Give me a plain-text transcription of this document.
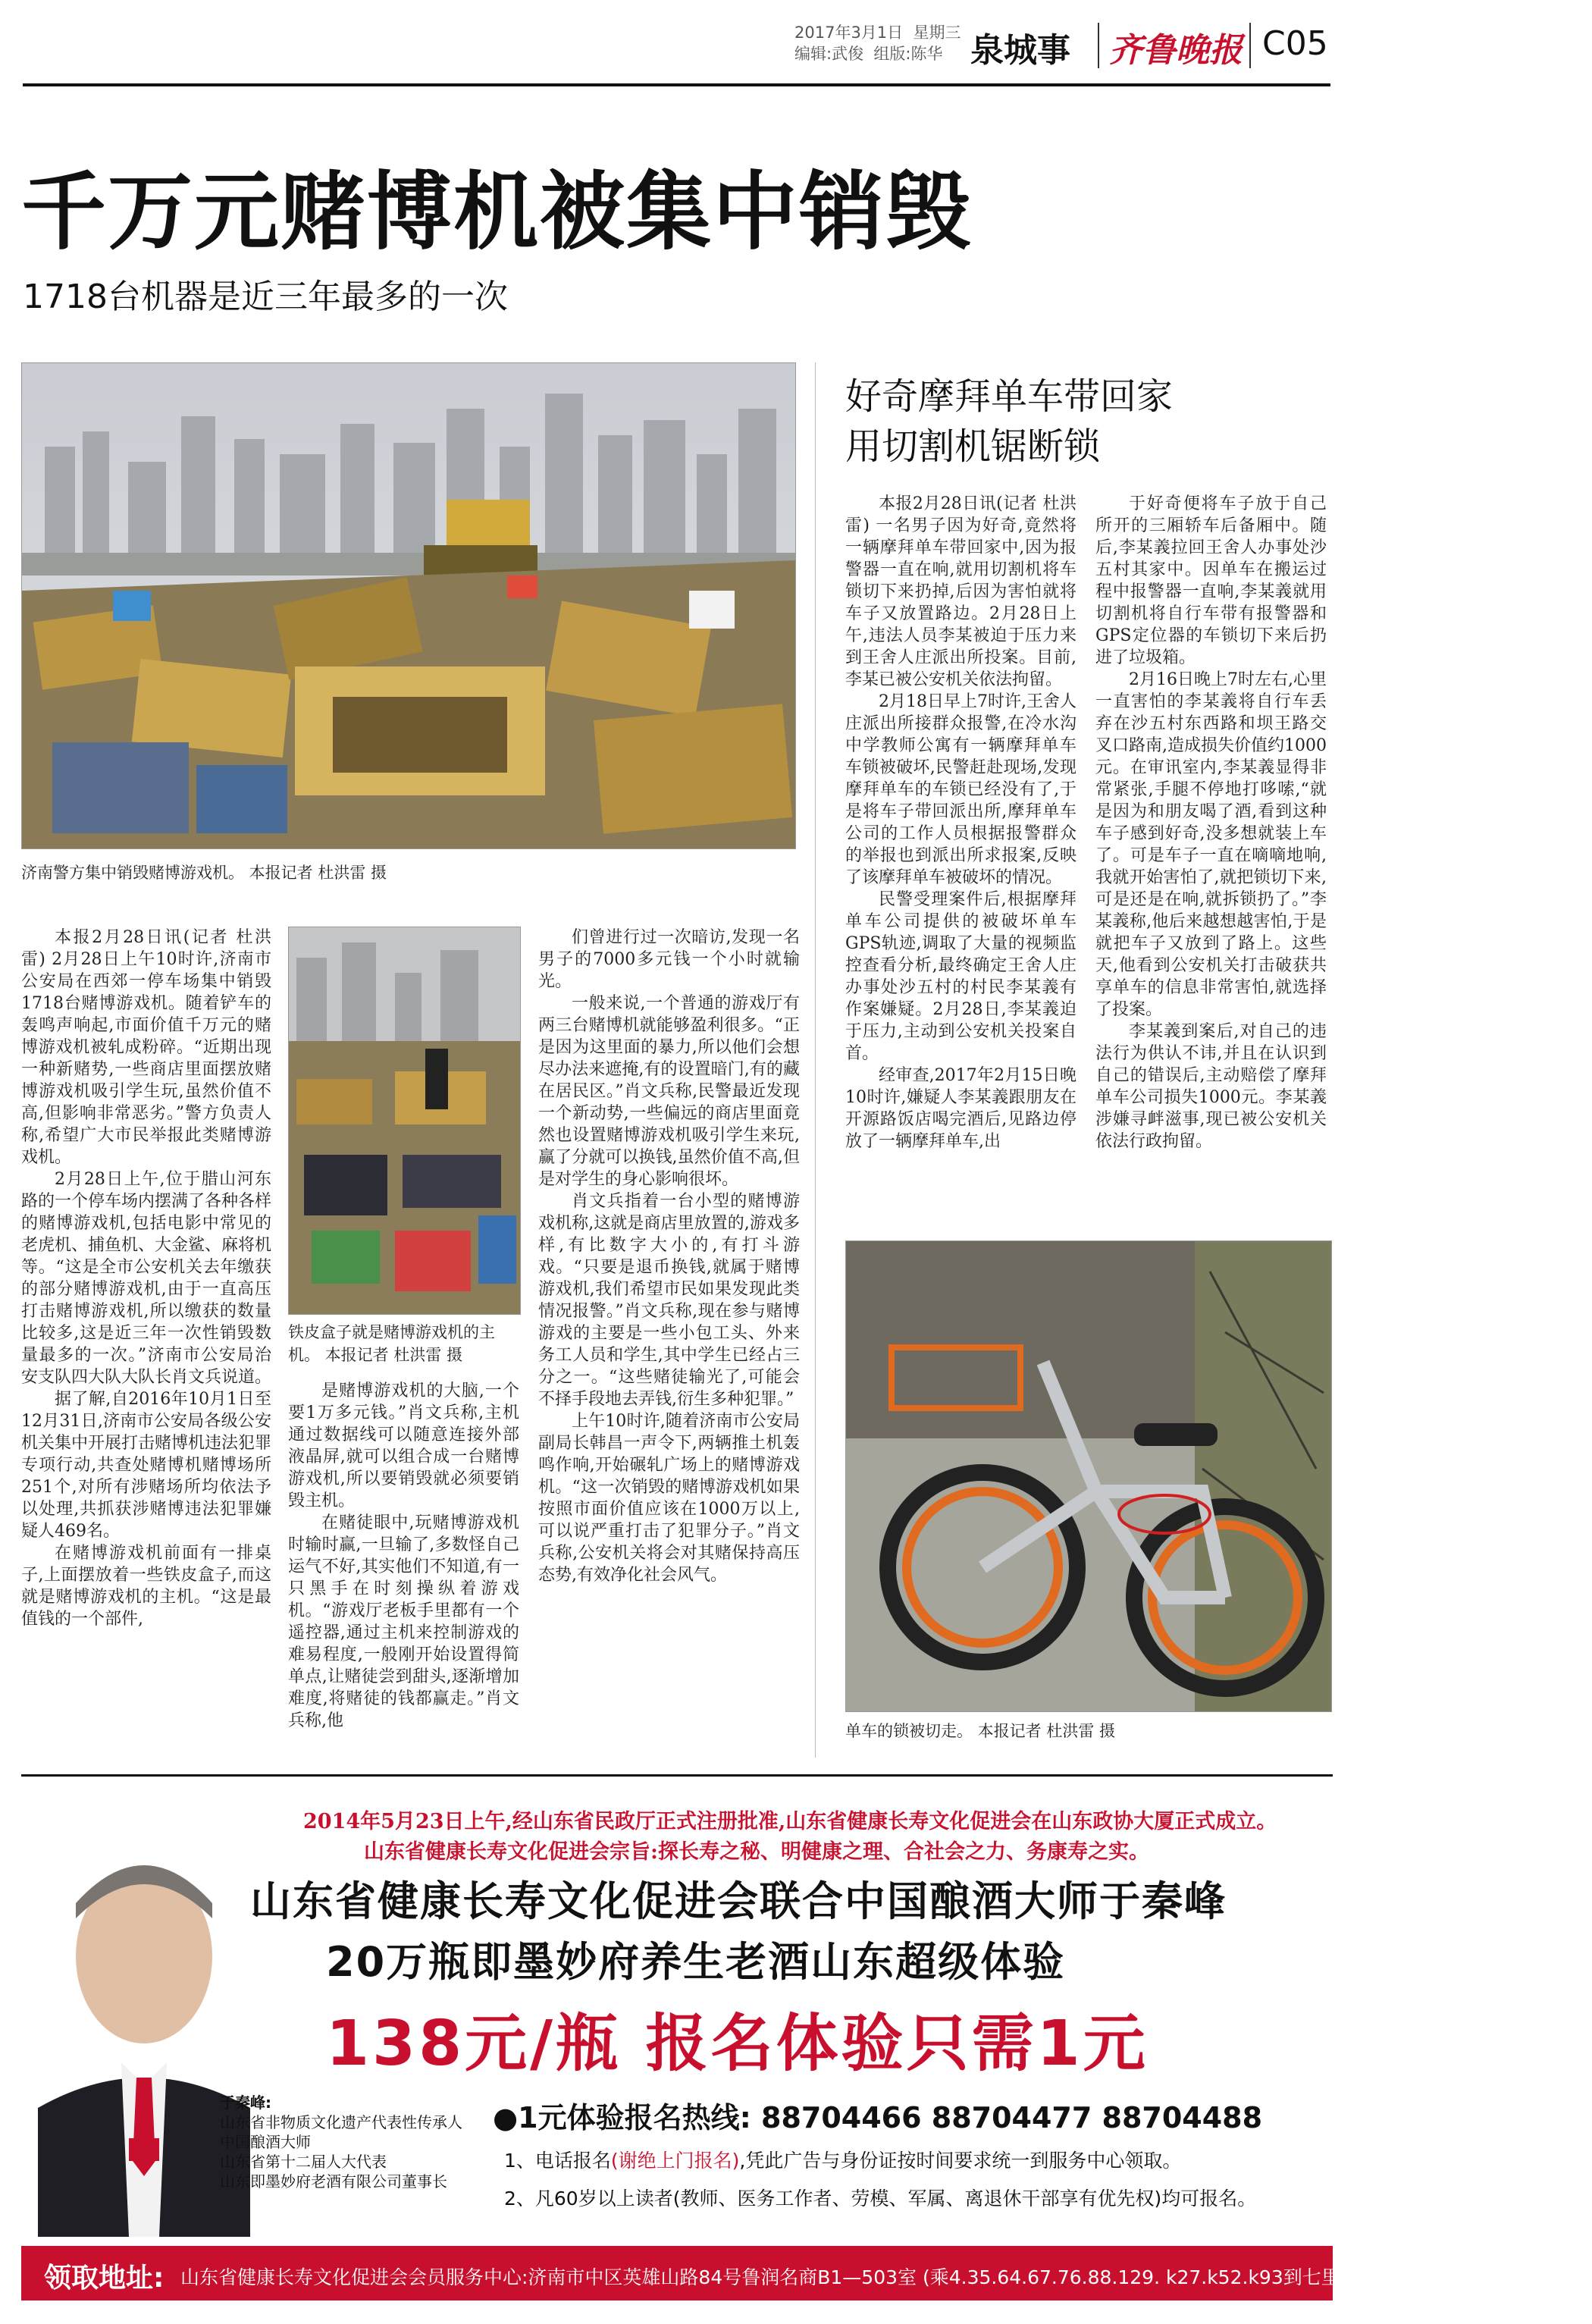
2017年3月1日  星期三
编辑:武俊  组版:陈华 泉城事 齐鲁晚报 C05
千万元赌博机被集中销毁
1718台机器是近三年最多的一次
济南警方集中销毁赌博游戏机。 本报记者 杜洪雷 摄
好奇摩拜单车带回家
用切割机锯断锁

本报2月28日讯(记者 杜洪雷) 一名男子因为好奇,竟然将一辆摩拜单车带回家中,因为报警器一直在响,就用切割机将车锁切下来扔掉,后因为害怕就将车子又放置路边。2月28日上午,违法人员李某被迫于压力来到王舍人庄派出所投案。目前,李某已被公安机关依法拘留。

2月18日早上7时许,王舍人庄派出所接群众报警,在冷水沟中学教师公寓有一辆摩拜单车车锁被破坏,民警赶赴现场,发现摩拜单车的车锁已经没有了,于是将车子带回派出所,摩拜单车公司的工作人员根据报警群众的举报也到派出所求报案,反映了该摩拜单车被破坏的情况。

民警受理案件后,根据摩拜单车公司提供的被破坏单车GPS轨迹,调取了大量的视频监控查看分析,最终确定王舍人庄办事处沙五村的村民李某義有作案嫌疑。2月28日,李某義迫于压力,主动到公安机关投案自首。

经审查,2017年2月15日晚10时许,嫌疑人李某義跟朋友在开源路饭店喝完酒后,见路边停放了一辆摩拜单车,出

于好奇便将车子放于自己所开的三厢轿车后备厢中。随后,李某義拉回王舍人办事处沙五村其家中。因单车在搬运过程中报警器一直响,李某義就用切割机将自行车带有报警器和GPS定位器的车锁切下来后扔进了垃圾箱。

2月16日晚上7时左右,心里一直害怕的李某義将自行车丢弃在沙五村东西路和坝王路交叉口路南,造成损失价值约1000元。在审讯室内,李某義显得非常紧张,手腿不停地打哆嗦,“就是因为和朋友喝了酒,看到这种车子感到好奇,没多想就装上车了。可是车子一直在嘀嘀地响,我就开始害怕了,就把锁切下来,可是还是在响,就拆锁扔了。”李某義称,他后来越想越害怕,于是就把车子又放到了路上。这些天,他看到公安机关打击破获共享单车的信息非常害怕,就选择了投案。

李某義到案后,对自己的违法行为供认不讳,并且在认识到自己的错误后,主动赔偿了摩拜单车公司损失1000元。李某義涉嫌寻衅滋事,现已被公安机关依法行政拘留。

单车的锁被切走。 本报记者 杜洪雷 摄

本报2月28日讯(记者 杜洪雷) 2月28日上午10时许,济南市公安局在西郊一停车场集中销毁1718台赌博游戏机。随着铲车的轰鸣声响起,市面价值千万元的赌博游戏机被轧成粉碎。“近期出现一种新赌势,一些商店里面摆放赌博游戏机吸引学生玩,虽然价值不高,但影响非常恶劣。”警方负责人称,希望广大市民举报此类赌博游戏机。

2月28日上午,位于腊山河东路的一个停车场内摆满了各种各样的赌博游戏机,包括电影中常见的老虎机、捕鱼机、大金鲨、麻将机等。“这是全市公安机关去年缴获的部分赌博游戏机,由于一直高压打击赌博游戏机,所以缴获的数量比较多,这是近三年一次性销毁数量最多的一次。”济南市公安局治安支队四大队大队长肖文兵说道。

据了解,自2016年10月1日至12月31日,济南市公安局各级公安机关集中开展打击赌博机违法犯罪专项行动,共查处赌博机赌博场所251个,对所有涉赌场所均依法予以处理,共抓获涉赌博违法犯罪嫌疑人469名。

在赌博游戏机前面有一排桌子,上面摆放着一些铁皮盒子,而这就是赌博游戏机的主机。“这是最值钱的一个部件,

铁皮盒子就是赌博游戏机的主机。 本报记者 杜洪雷 摄

是赌博游戏机的大脑,一个要1万多元钱。”肖文兵称,主机通过数据线可以随意连接外部液晶屏,就可以组合成一台赌博游戏机,所以要销毁就必须要销毁主机。

在赌徒眼中,玩赌博游戏机时输时赢,一旦输了,多数怪自己运气不好,其实他们不知道,有一只黑手在时刻操纵着游戏机。“游戏厅老板手里都有一个遥控器,通过主机来控制游戏的难易程度,一般刚开始设置得简单点,让赌徒尝到甜头,逐渐增加难度,将赌徒的钱都赢走。”肖文兵称,他

们曾进行过一次暗访,发现一名男子的7000多元钱一个小时就输光。

一般来说,一个普通的游戏厅有两三台赌博机就能够盈利很多。“正是因为这里面的暴力,所以他们会想尽办法来遮掩,有的设置暗门,有的藏在居民区。”肖文兵称,民警最近发现一个新动势,一些偏远的商店里面竟然也设置赌博游戏机吸引学生来玩,赢了分就可以换钱,虽然价值不高,但是对学生的身心影响很坏。

肖文兵指着一台小型的赌博游戏机称,这就是商店里放置的,游戏多样,有比数字大小的,有打斗游戏。“只要是退币换钱,就属于赌博游戏机,我们希望市民如果发现此类情况报警。”肖文兵称,现在参与赌博游戏的主要是一些小包工头、外来务工人员和学生,其中学生已经占三分之一。“这些赌徒输光了,可能会不择手段地去弄钱,衍生多种犯罪。”

上午10时许,随着济南市公安局副局长韩昌一声令下,两辆推土机轰鸣作响,开始碾轧广场上的赌博游戏机。“这一次销毁的赌博游戏机如果按照市面价值应该在1000万以上,可以说严重打击了犯罪分子。”肖文兵称,公安机关将会对其赌保持高压态势,有效净化社会风气。

2014年5月23日上午,经山东省民政厅正式注册批准,山东省健康长寿文化促进会在山东政协大厦正式成立。
山东省健康长寿文化促进会宗旨:探长寿之秘、明健康之理、合社会之力、务康寿之实。
山东省健康长寿文化促进会联合中国酿酒大师于秦峰
20万瓶即墨妙府养生老酒山东超级体验
138元/瓶 报名体验只需1元
于秦峰:
山东省非物质文化遗产代表性传承人
中国酿酒大师
山东省第十二届人大代表
山东即墨妙府老酒有限公司董事长
●1元体验报名热线: 88704466 88704477 88704488
1、电话报名(谢绝上门报名),凭此广告与身份证按时间要求统一到服务中心领取。
2、凡60岁以上读者(教师、医务工作者、劳模、军属、离退休干部享有优先权)均可报名。
领取地址: 山东省健康长寿文化促进会会员服务中心:济南市中区英雄山路84号鲁润名商B1—503室 (乘4.35.64.67.76.88.129. k27.k52.k93到七里山南村站下车北行200米路东)
